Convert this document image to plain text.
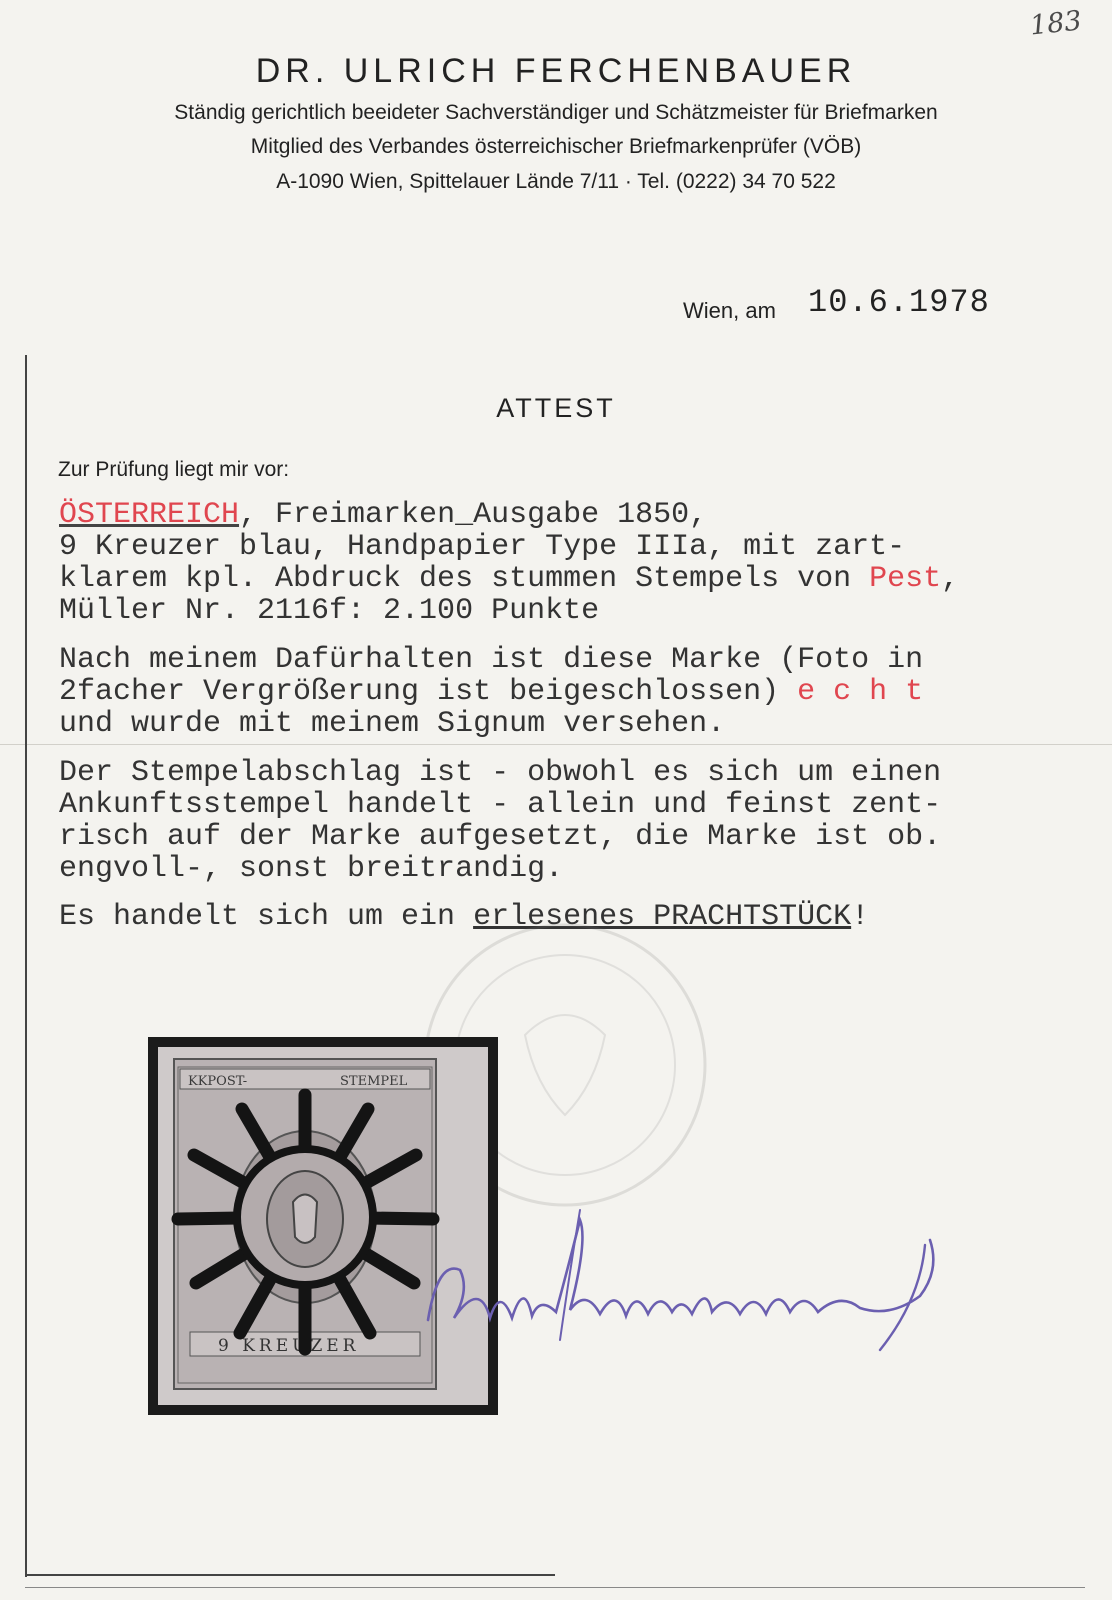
183
DR. ULRICH FERCHENBAUER
Ständig gerichtlich beeideter Sachverständiger und Schätzmeister für Briefmarken
Mitglied des Verbandes österreichischer Briefmarkenprüfer (VÖB)
A-1090 Wien, Spittelauer Lände 7/11 · Tel. (0222) 34 70 522
Wien, am 10.6.1978
ATTEST
Zur Prüfung liegt mir vor:
ÖSTERREICH, Freimarken_Ausgabe 1850,
9 Kreuzer blau, Handpapier Type IIIa, mit zart-
klarem kpl. Abdruck des stummen Stempels von Pest,
Müller Nr. 2116f: 2.100 Punkte
Nach meinem Dafürhalten ist diese Marke (Foto in
2facher Vergrößerung ist beigeschlossen) e c h t
und wurde mit meinem Signum versehen.
Der Stempelabschlag ist - obwohl es sich um einen
Ankunftsstempel handelt - allein und feinst zent-
risch auf der Marke aufgesetzt, die Marke ist ob.
engvoll-, sonst breitrandig.
Es handelt sich um ein erlesenes PRACHTSTÜCK!
KKPOST-	STEMPEL
9 KREUZER
